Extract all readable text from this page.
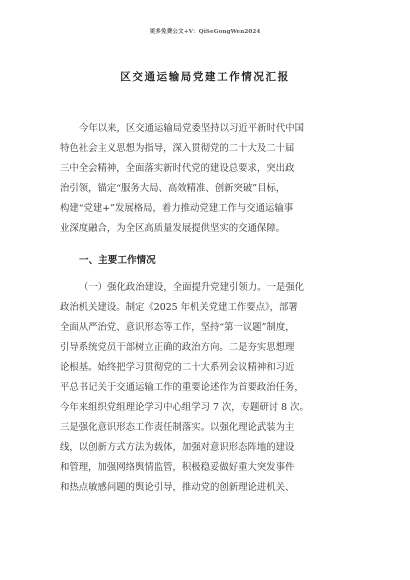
更多免费公文+V：QiSeGongWen2024
区交通运输局党建工作情况汇报
今年以来，区交通运输局党委坚持以习近平新时代中国
特色社会主义思想为指导，深入贯彻党的二十大及二十届
三中全会精神，全面落实新时代党的建设总要求，突出政
治引领，锚定“服务大局、高效精准、创新突破”目标，
构建“党建+”发展格局，着力推动党建工作与交通运输事
业深度融合，为全区高质量发展提供坚实的交通保障。
一、主要工作情况
（一）强化政治建设，全面提升党建引领力。一是强化
政治机关建设。制定《2025 年机关党建工作要点》，部署
全面从严治党、意识形态等工作，坚持“第一议题”制度，
引导系统党员干部树立正确的政治方向。二是夯实思想理
论根基。始终把学习贯彻党的二十大系列会议精神和习近
平总书记关于交通运输工作的重要论述作为首要政治任务，
今年来组织党组理论学习中心组学习 7 次，专题研讨 8 次。
三是强化意识形态工作责任制落实。以强化理论武装为主
线，以创新方式方法为载体，加强对意识形态阵地的建设
和管理，加强网络舆情监管，积极稳妥做好重大突发事件
和热点敏感问题的舆论引导，推动党的创新理论进机关、
